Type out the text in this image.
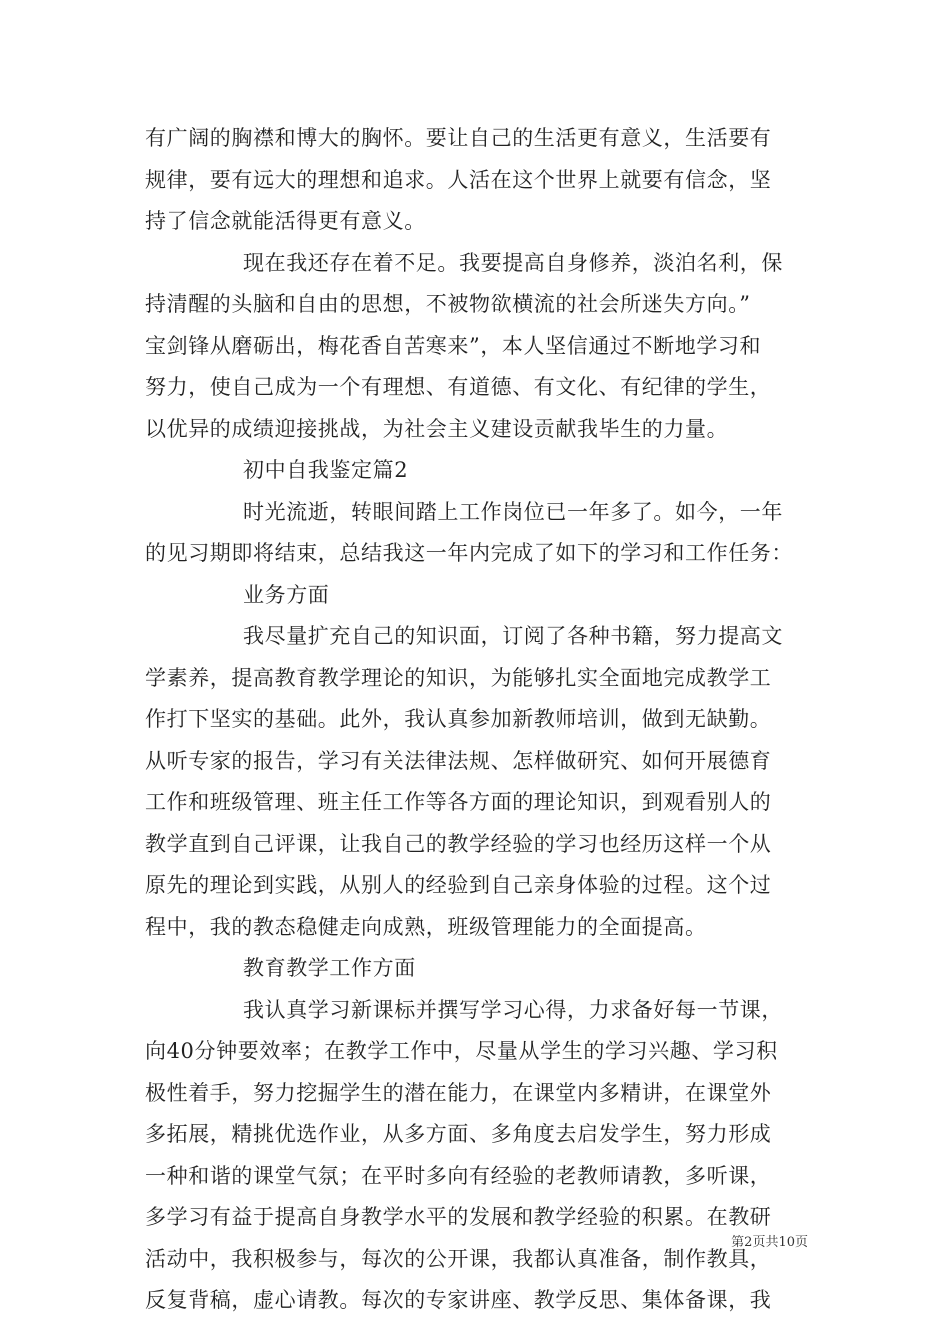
有广阔的胸襟和博大的胸怀。要让自己的生活更有意义，生活要有
规律，要有远大的理想和追求。人活在这个世界上就要有信念，坚
持了信念就能活得更有意义。
现在我还存在着不足。我要提高自身修养，淡泊名利，保
持清醒的头脑和自由的思想，不被物欲横流的社会所迷失方向。”
宝剑锋从磨砺出，梅花香自苦寒来”，本人坚信通过不断地学习和
努力，使自己成为一个有理想、有道德、有文化、有纪律的学生，
以优异的成绩迎接挑战，为社会主义建设贡献我毕生的力量。
初中自我鉴定篇2
时光流逝，转眼间踏上工作岗位已一年多了。如今，一年
的见习期即将结束，总结我这一年内完成了如下的学习和工作任务：
业务方面
我尽量扩充自己的知识面，订阅了各种书籍，努力提高文
学素养，提高教育教学理论的知识，为能够扎实全面地完成教学工
作打下坚实的基础。此外，我认真参加新教师培训，做到无缺勤。
从听专家的报告，学习有关法律法规、怎样做研究、如何开展德育
工作和班级管理、班主任工作等各方面的理论知识，到观看别人的
教学直到自己评课，让我自己的教学经验的学习也经历这样一个从
原先的理论到实践，从别人的经验到自己亲身体验的过程。这个过
程中，我的教态稳健走向成熟，班级管理能力的全面提高。
教育教学工作方面
我认真学习新课标并撰写学习心得，力求备好每一节课，
向40分钟要效率；在教学工作中，尽量从学生的学习兴趣、学习积
极性着手，努力挖掘学生的潜在能力，在课堂内多精讲，在课堂外
多拓展，精挑优选作业，从多方面、多角度去启发学生，努力形成
一种和谐的课堂气氛；在平时多向有经验的老教师请教，多听课，
多学习有益于提高自身教学水平的发展和教学经验的积累。在教研
活动中，我积极参与，每次的公开课，我都认真准备，制作教具，
反复背稿，虚心请教。每次的专家讲座、教学反思、集体备课，我
第2页共10页
